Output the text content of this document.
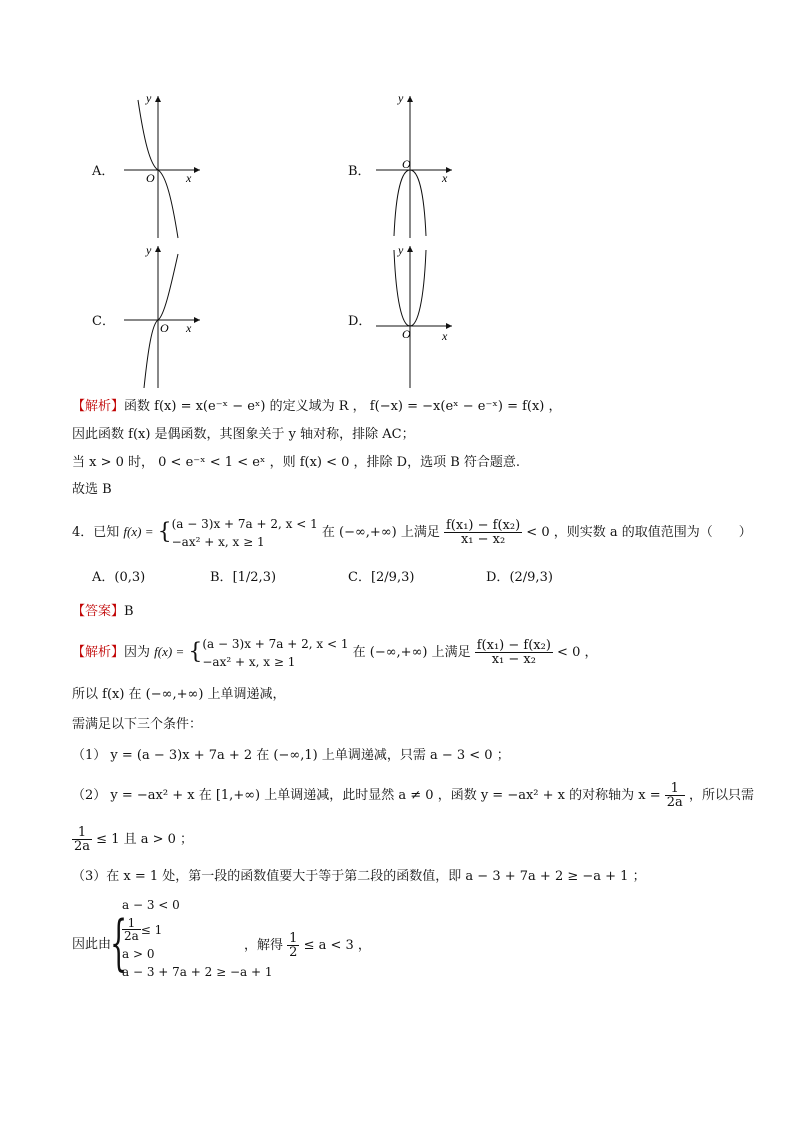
A．
y
O	x	B．
y
O
x
C．
y
O x	D．
y
O	x
【解析】函数 f(x) = x(e⁻ˣ − eˣ) 的定义域为 R ， f(−x) = −x(eˣ − e⁻ˣ) = f(x) ，
因此函数 f(x) 是偶函数，其图象关于 y 轴对称，排除 AC；
当 x > 0 时， 0 < e⁻ˣ < 1 < eˣ ，则 f(x) < 0 ，排除 D，选项 B 符合题意.
故选 B
4．已知 f(x) = { (a − 3)x + 7a + 2, x < 1
−ax² + x, x ≥ 1
在 (−∞,+∞) 上满足 $\frac{\text{f(x₁) − f(x₂)}}{\text{x₁ − x₂}} < 0$ ，则实数 a 的取值范围为（　　）
A．(0,3)	B．[1/2,3)	C．[2/9,3)	D．(2/9,3)
【答案】B
【解析】因为 f(x) = { (a − 3)x + 7a + 2, x < 1
−ax² + x, x ≥ 1
在 (−∞,+∞) 上满足 $\frac{\text{f(x₁) − f(x₂)}}{\text{x₁ − x₂}} < 0$ ，
所以 f(x) 在 (−∞,+∞) 上单调递减，
需满足以下三个条件：
（1） y = (a − 3)x + 7a + 2 在 (−∞,1) 上单调递减，只需 a − 3 < 0 ；
（2） y = −ax² + x 在 [1,+∞) 上单调递减，此时显然 a ≠ 0 ，函数 y = −ax² + x 的对称轴为 $x = \frac{1}{2a}$ ，所以只需
$\frac{1}{2a} \le 1$ 且 a > 0 ；
（3）在 x = 1 处，第一段的函数值要大于等于第二段的函数值，即 a − 3 + 7a + 2 ≥ −a + 1 ；
因此由
{
a − 3 < 0
$\frac{1}{2a} \le 1$
a > 0
a − 3 + 7a + 2 ≥ −a + 1
，解得 $\frac{1}{2} \le a < 3$ ，
